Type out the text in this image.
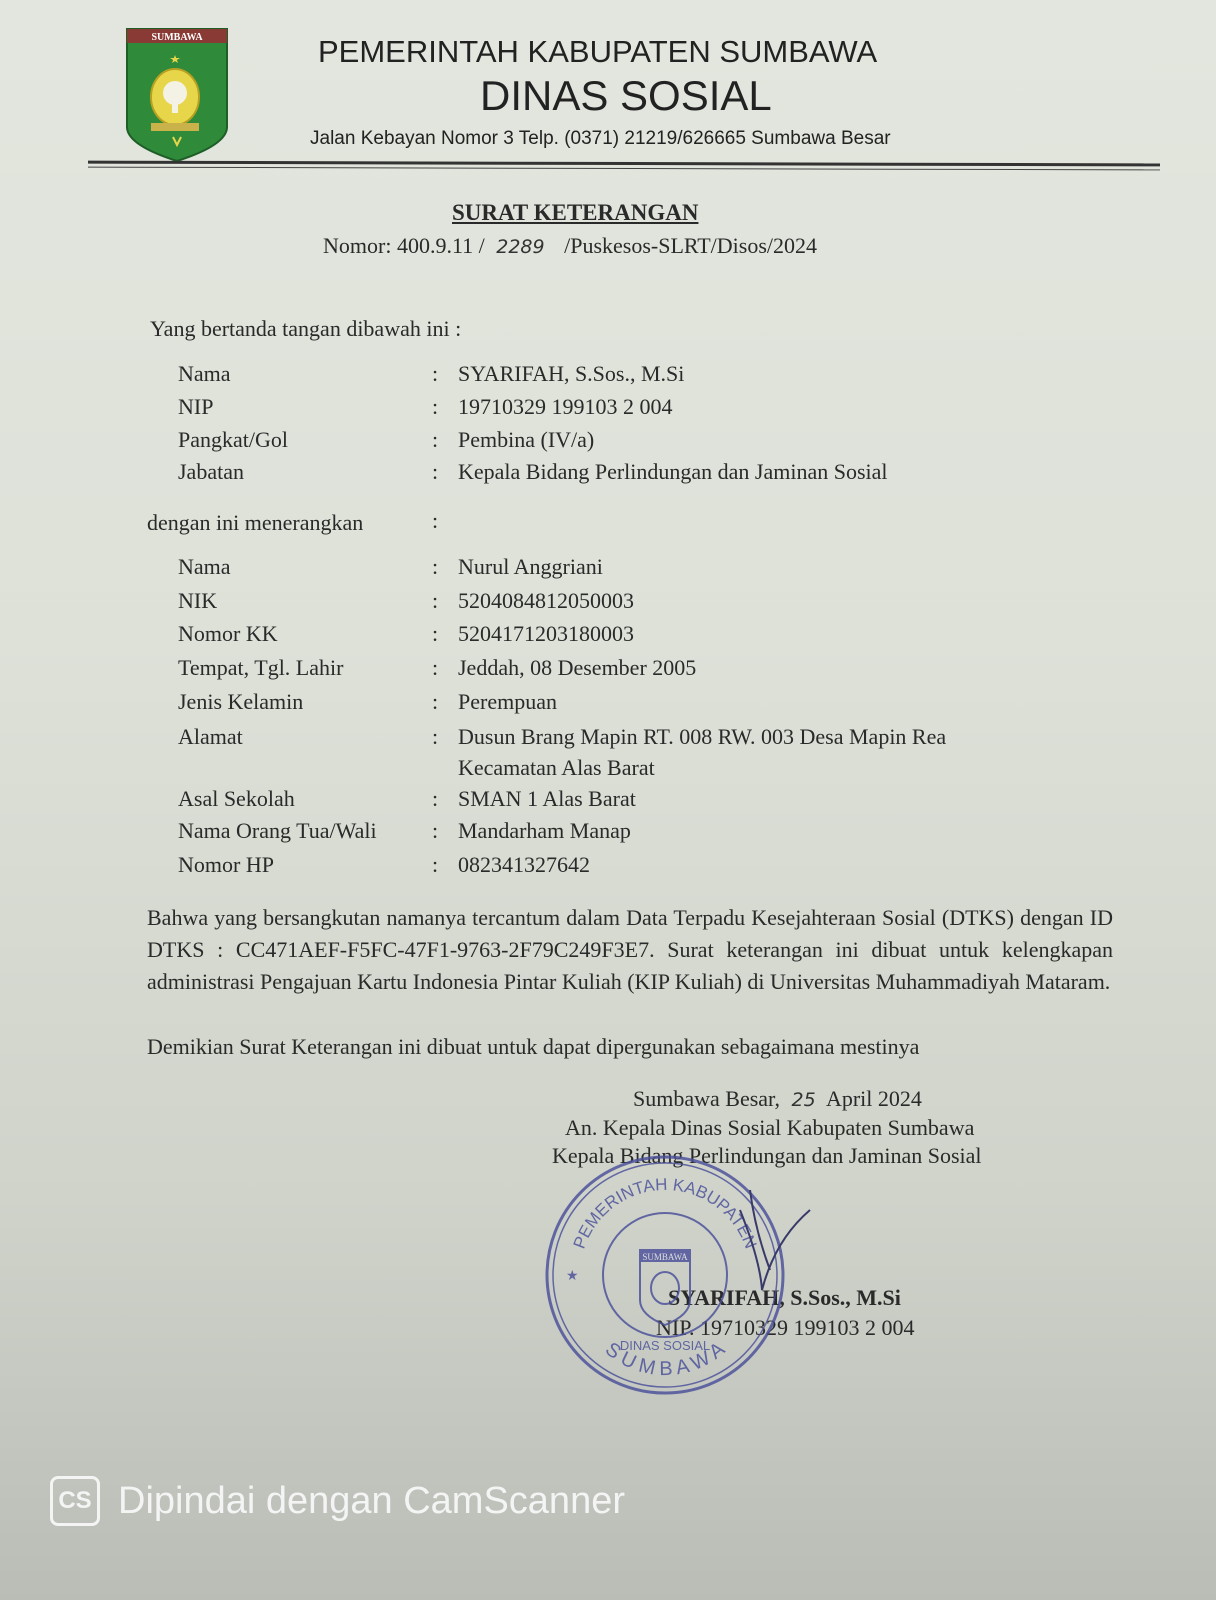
SUMBAWA	PEMERINTAH KABUPATEN SUMBAWA
DINAS SOSIAL
Jalan Kebayan Nomor 3 Telp. (0371) 21219/626665 Sumbawa Besar
SURAT KETERANGAN
Nomor: 400.9.11 / 2289 /Puskesos-SLRT/Disos/2024
Yang bertanda tangan dibawah ini :
Nama	: SYARIFAH, S.Sos., M.Si
NIP	: 19710329 199103 2 004
Pangkat/Gol	: Pembina (IV/a)
Jabatan	: Kepala Bidang Perlindungan dan Jaminan Sosial
dengan ini menerangkan	:
Nama	: Nurul Anggriani
NIK	: 5204084812050003
Nomor KK	: 5204171203180003
Tempat, Tgl. Lahir	: Jeddah, 08 Desember 2005
Jenis Kelamin	: Perempuan
Alamat	: Dusun Brang Mapin RT. 008 RW. 003 Desa Mapin Rea
Kecamatan Alas Barat
Asal Sekolah	: SMAN 1 Alas Barat
Nama Orang Tua/Wali	: Mandarham Manap
Nomor HP	: 082341327642
Bahwa yang bersangkutan namanya tercantum dalam Data Terpadu Kesejahteraan Sosial (DTKS) dengan ID DTKS : CC471AEF-F5FC-47F1-9763-2F79C249F3E7. Surat keterangan ini dibuat untuk kelengkapan administrasi Pengajuan Kartu Indonesia Pintar Kuliah (KIP Kuliah) di Universitas Muhammadiyah Mataram.
Demikian Surat Keterangan ini dibuat untuk dapat dipergunakan sebagaimana mestinya
Sumbawa Besar, 25 April 2024
An. Kepala Dinas Sosial Kabupaten Sumbawa
Kepala Bidang Perlindungan dan Jaminan Sosial
SYARIFAH, S.Sos., M.Si
NIP. 19710329 199103 2 004
PEMERINTAH KABUPATEN
S U M B A W A
DINAS SOSIAL
SUMBAWA
★
CS Dipindai dengan CamScanner
